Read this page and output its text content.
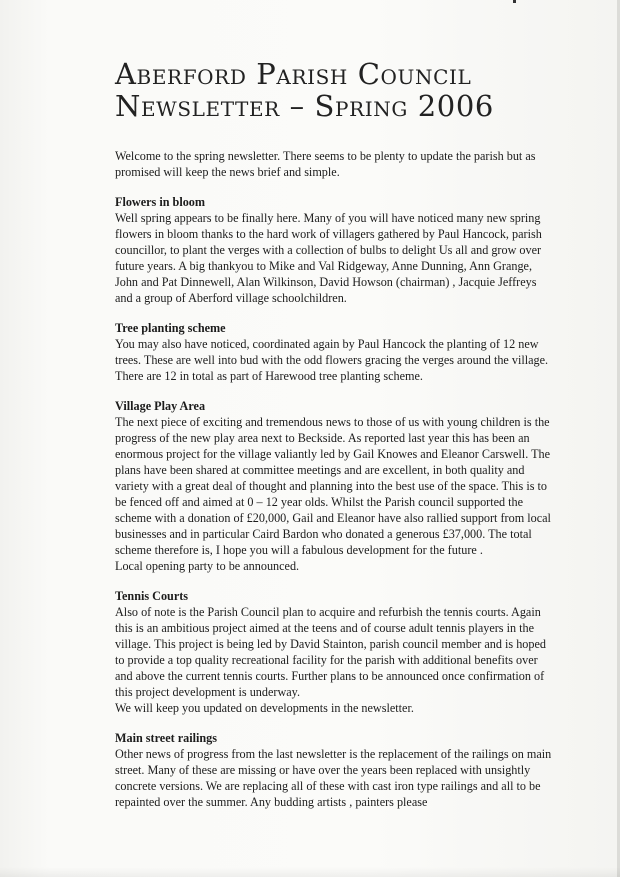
Aberford Parish Council
Newsletter – Spring 2006

Welcome to the spring newsletter. There seems to be plenty to update the parish but as promised will keep the news brief and simple.

Flowers in bloom

Well spring appears to be finally here. Many of you will have noticed many new spring flowers in bloom thanks to the hard work of villagers gathered by Paul Hancock, parish councillor, to plant the verges with a collection of bulbs to delight Us all and grow over future years. A big thankyou to Mike and Val Ridgeway, Anne Dunning, Ann Grange, John and Pat Dinnewell, Alan Wilkinson, David Howson (chairman) , Jacquie Jeffreys and a group of Aberford village schoolchildren.

Tree planting scheme

You may also have noticed, coordinated again by Paul Hancock the planting of 12 new trees. These are well into bud with the odd flowers gracing the verges around the village. There are 12 in total as part of Harewood tree planting scheme.

Village Play Area

The next piece of exciting and tremendous news to those of us with young children is the progress of the new play area next to Beckside. As reported last year this has been an enormous project for the village valiantly led by Gail Knowes and Eleanor Carswell. The plans have been shared at committee meetings and are excellent, in both quality and variety with a great deal of thought and planning into the best use of the space. This is to be fenced off and aimed at 0 – 12 year olds. Whilst the Parish council supported the scheme with a donation of £20,000, Gail and Eleanor have also rallied support from local businesses and in particular Caird Bardon who donated a generous £37,000. The total scheme therefore is, I hope you will a fabulous development for the future .
Local opening party to be announced.

Tennis Courts

Also of note is the Parish Council plan to acquire and refurbish the tennis courts. Again this is an ambitious project aimed at the teens and of course adult tennis players in the village. This project is being led by David Stainton, parish council member and is hoped to provide a top quality recreational facility for the parish with additional benefits over and above the current tennis courts. Further plans to be announced once confirmation of this project development is underway.
We will keep you updated on developments in the newsletter.

Main street railings

Other news of progress from the last newsletter is the replacement of the railings on main street. Many of these are missing or have over the years been replaced with unsightly concrete versions. We are replacing all of these with cast iron type railings and all to be repainted over the summer. Any budding artists , painters please
